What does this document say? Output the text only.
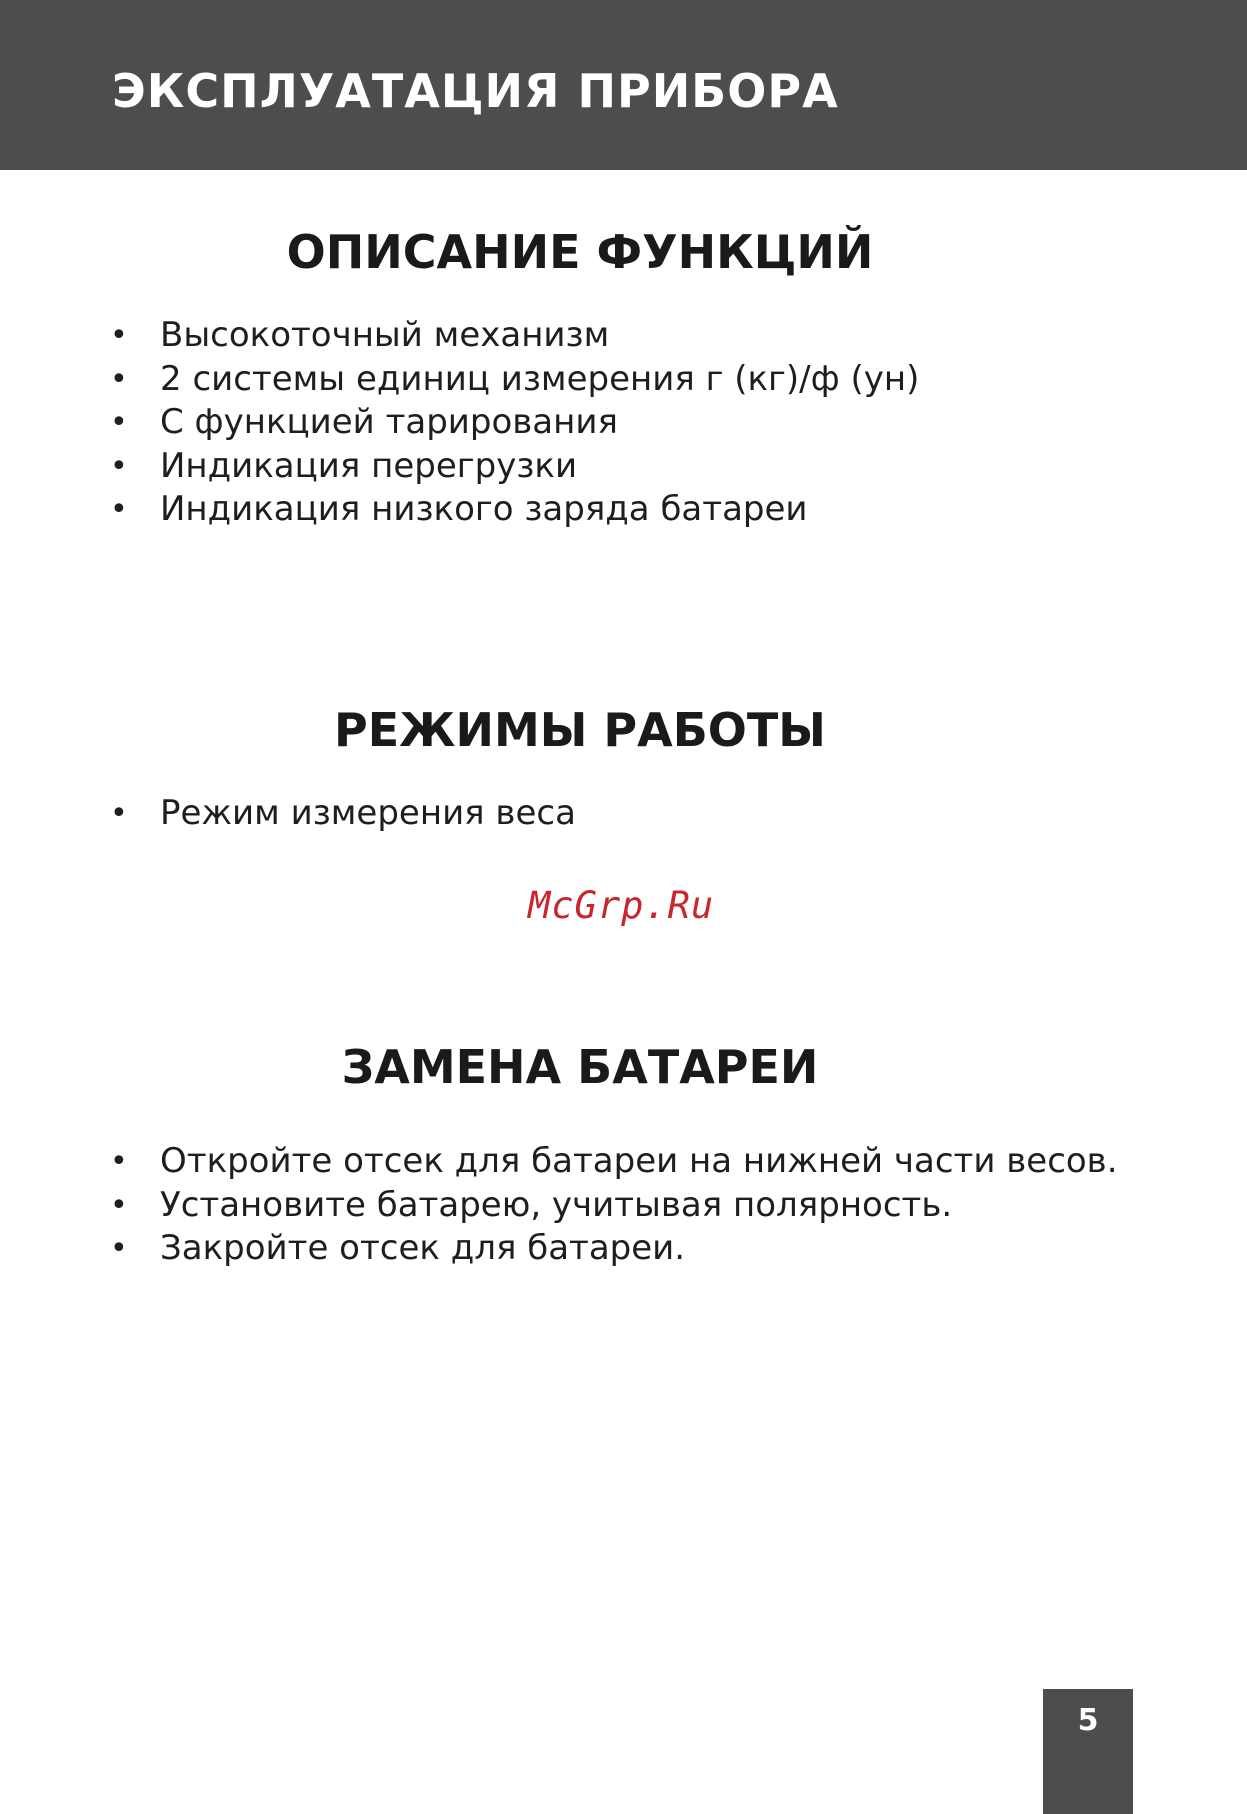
ЭКСПЛУАТАЦИЯ ПРИБОРА
ОПИСАНИЕ ФУНКЦИЙ
• Высокоточный механизм
• 2 системы единиц измерения г (кг)/ф (ун)
• С функцией тарирования
• Индикация перегрузки
• Индикация низкого заряда батареи
РЕЖИМЫ РАБОТЫ
• Режим измерения веса
McGrp.Ru
ЗАМЕНА БАТАРЕИ
• Откройте отсек для батареи на нижней части весов.
• Установите батарею, учитывая полярность.
• Закройте отсек для батареи.
5
